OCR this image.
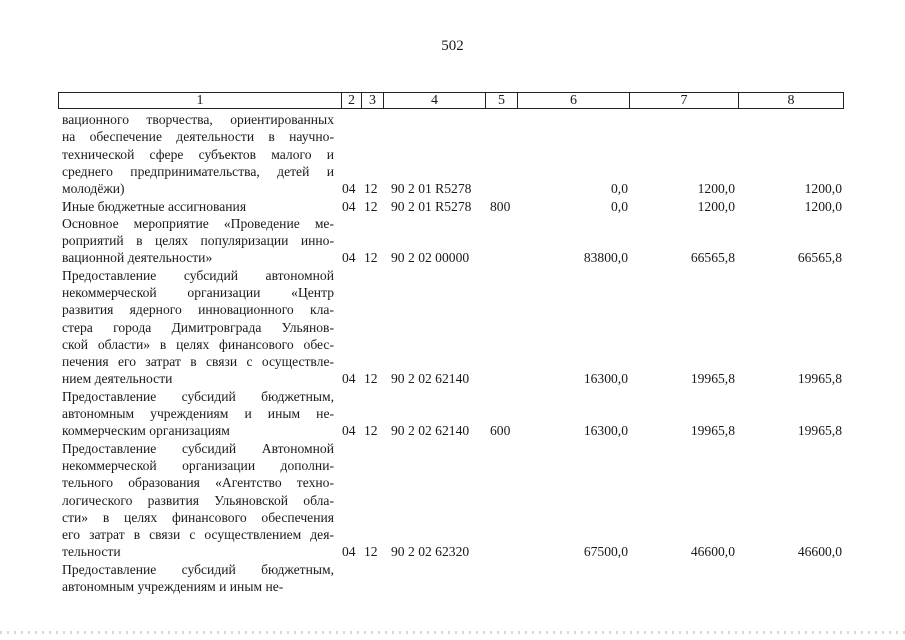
502
1	2	3	4	5	6	7	8
вационного творчества, ориентированных
на обеспечение деятельности в научно-
технической сфере субъектов малого и
среднего предпринимательства, детей и
молодёжи)	04 12 90 2 01 R5278	0,0	1200,0	1200,0
Иные бюджетные ассигнования	04 12 90 2 01 R5278 800	0,0	1200,0	1200,0
Основное мероприятие «Проведение ме-
роприятий в целях популяризации инно-
вационной деятельности»	04 12 90 2 02 00000	83800,0	66565,8	66565,8
Предоставление субсидий автономной
некоммерческой организации «Центр
развития ядерного инновационного кла-
стера города Димитровграда Ульянов-
ской области» в целях финансового обес-
печения его затрат в связи с осуществле-
нием деятельности	04 12 90 2 02 62140	16300,0	19965,8	19965,8
Предоставление субсидий бюджетным,
автономным учреждениям и иным не-
коммерческим организациям	04 12 90 2 02 62140 600	16300,0	19965,8	19965,8
Предоставление субсидий Автономной
некоммерческой организации дополни-
тельного образования «Агентство техно-
логического развития Ульяновской обла-
сти» в целях финансового обеспечения
его затрат в связи с осуществлением дея-
тельности	04 12 90 2 02 62320	67500,0	46600,0	46600,0
Предоставление субсидий бюджетным,
автономным учреждениям и иным не-
